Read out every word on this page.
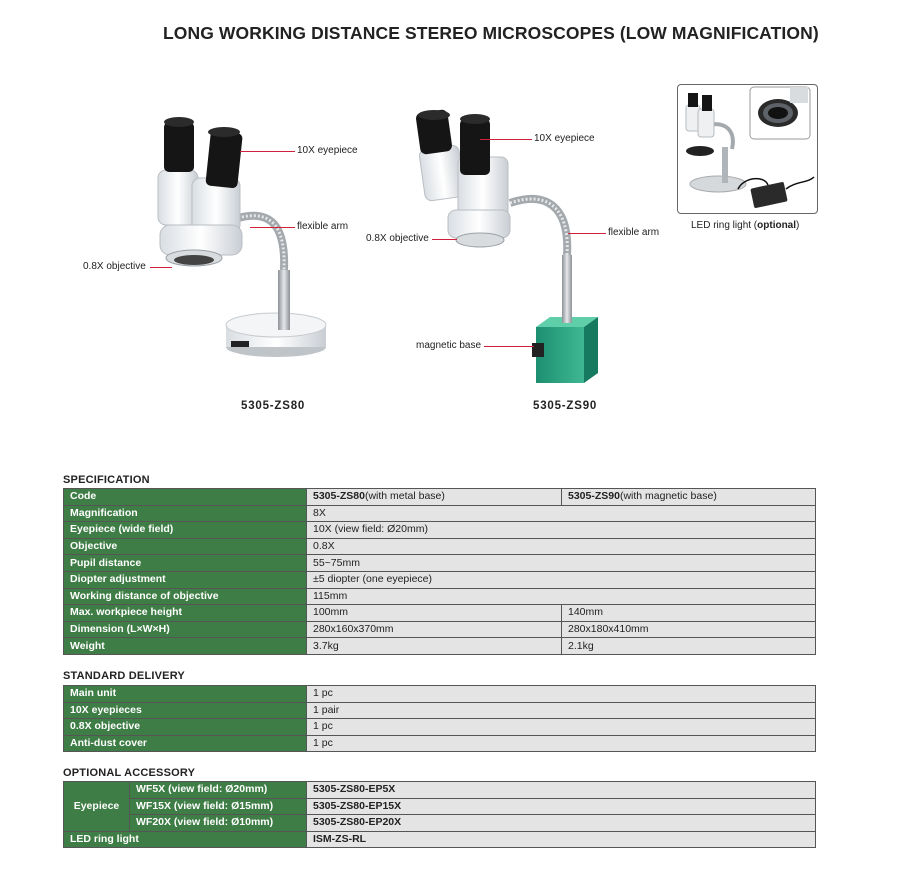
LONG WORKING DISTANCE STEREO MICROSCOPES (LOW MAGNIFICATION)
INSIZE
10X eyepiece
flexible arm
0.8X objective
5305-ZS80
10X eyepiece
0.8X objective
flexible arm
magnetic base
5305-ZS90
LED ring light (optional)
SPECIFICATION
Code	5305-ZS80(with metal base)	5305-ZS90(with magnetic base)
Magnification	8X	
Eyepiece (wide field)	10X (view field: Ø20mm)	
Objective	0.8X	
Pupil distance	55~75mm	
Diopter adjustment	±5 diopter (one eyepiece)	
Working distance of objective	115mm	
Max. workpiece height	100mm	140mm
Dimension (L×W×H)	280x160x370mm	280x180x410mm
Weight	3.7kg	2.1kg
STANDARD DELIVERY
Main unit	1 pc
10X eyepieces	1 pair
0.8X objective	1 pc
Anti-dust cover	1 pc
OPTIONAL ACCESSORY
Eyepiece	WF5X (view field: Ø20mm)	5305-ZS80-EP5X
	WF15X (view field: Ø15mm)	5305-ZS80-EP15X
	WF20X (view field: Ø10mm)	5305-ZS80-EP20X
LED ring light		ISM-ZS-RL
